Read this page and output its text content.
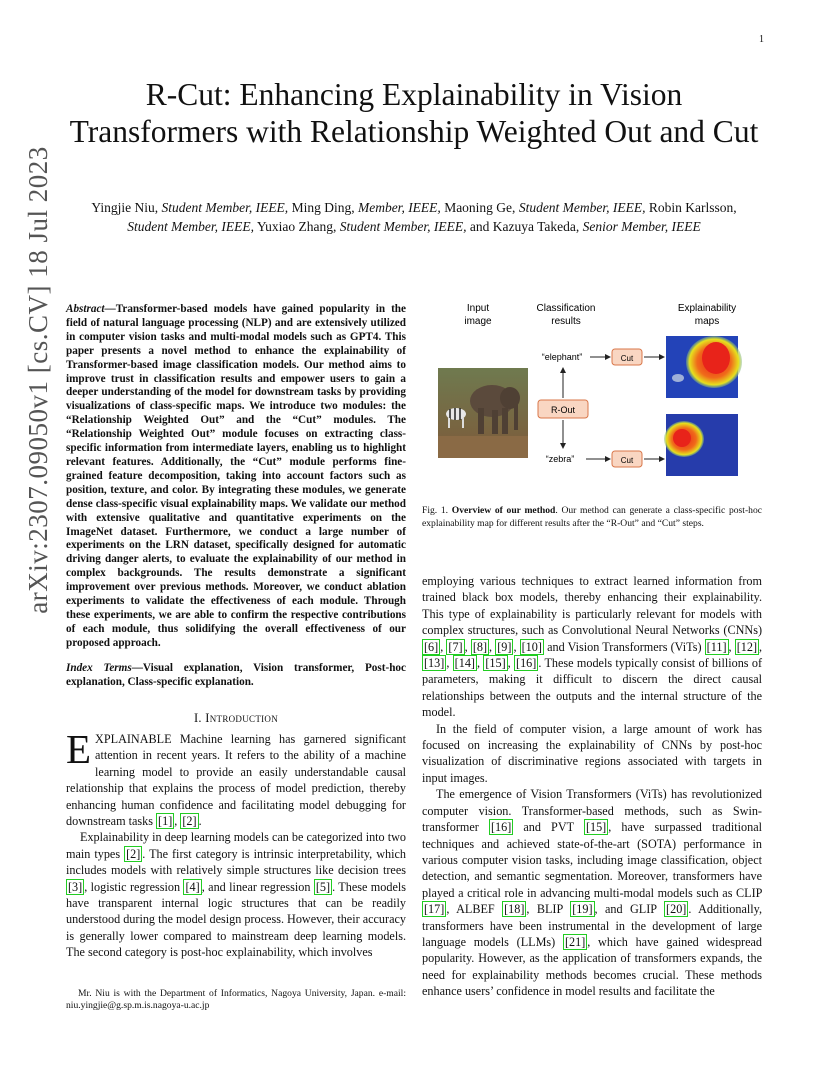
1
arXiv:2307.09050v1 [cs.CV] 18 Jul 2023
R-Cut: Enhancing Explainability in Vision Transformers with Relationship Weighted Out and Cut
Yingjie Niu, Student Member, IEEE, Ming Ding, Member, IEEE, Maoning Ge, Student Member, IEEE, Robin Karlsson, Student Member, IEEE, Yuxiao Zhang, Student Member, IEEE, and Kazuya Takeda, Senior Member, IEEE
Abstract—Transformer-based models have gained popularity in the field of natural language processing (NLP) and are extensively utilized in computer vision tasks and multi-modal models such as GPT4. This paper presents a novel method to enhance the explainability of Transformer-based image classification models. Our method aims to improve trust in classification results and empower users to gain a deeper understanding of the model for downstream tasks by providing visualizations of class-specific maps. We introduce two modules: the “Relationship Weighted Out” and the “Cut” modules. The “Relationship Weighted Out” module focuses on extracting class-specific information from intermediate layers, enabling us to highlight relevant features. Additionally, the “Cut” module performs fine-grained feature decomposition, taking into account factors such as position, texture, and color. By integrating these modules, we generate dense class-specific visual explainability maps. We validate our method with extensive qualitative and quantitative experiments on the ImageNet dataset. Furthermore, we conduct a large number of experiments on the LRN dataset, specifically designed for automatic driving danger alerts, to evaluate the explainability of our method in complex backgrounds. The results demonstrate a significant improvement over previous methods. Moreover, we conduct ablation experiments to validate the effectiveness of each module. Through these experiments, we are able to confirm the respective contributions of each module, thus solidifying the overall effectiveness of our proposed approach.
Index Terms—Visual explanation, Vision transformer, Post-hoc explanation, Class-specific explanation.
I. Introduction

EXPLAINABLE Machine learning has garnered significant attention in recent years. It refers to the ability of a machine learning model to provide an easily understandable causal relationship that explains the process of model prediction, thereby enhancing human confidence and facilitating model debugging for downstream tasks [1] , [2] .

Explainability in deep learning models can be categorized into two main types [2] . The first category is intrinsic interpretability, which includes models with relatively simple structures like decision trees [3] , logistic regression [4] , and linear regression [5] . These models have transparent internal logic structures that can be readily understood during the model design process. However, their accuracy is generally lower compared to mainstream deep learning models. The second category is post-hoc explainability, which involves

Mr. Niu is with the Department of Informatics, Nagoya University, Japan. e-mail: niu.yingjie@g.sp.m.is.nagoya-u.ac.jp

Input
image
Classification
results
Explainability
maps
“elephant”
“zebra”
R-Out
Cut
Cut
Fig. 1. Overview of our method. Our method can generate a class-specific post-hoc explainability map for different results after the “R-Out” and “Cut” steps.

employing various techniques to extract learned information from trained black box models, thereby enhancing their explainability. This type of explainability is particularly relevant for models with complex structures, such as Convolutional Neural Networks (CNNs) [6] , [7] , [8] , [9] , [10] and Vision Transformers (ViTs) [11] , [12] , [13] , [14] , [15] , [16] . These models typically consist of billions of parameters, making it difficult to discern the direct causal relationships between the outputs and the internal structure of the model.

In the field of computer vision, a large amount of work has focused on increasing the explainability of CNNs by post-hoc visualization of discriminative regions associated with targets in input images.

The emergence of Vision Transformers (ViTs) has revolutionized computer vision. Transformer-based methods, such as Swin-transformer [16] and PVT [15] , have surpassed traditional techniques and achieved state-of-the-art (SOTA) performance in various computer vision tasks, including image classification, object detection, and semantic segmentation. Moreover, transformers have played a critical role in advancing multi-modal models such as CLIP [17] , ALBEF [18] , BLIP [19] , and GLIP [20] . Additionally, transformers have been instrumental in the development of large language models (LLMs) [21] , which have gained widespread popularity. However, as the application of transformers expands, the need for explainability methods becomes crucial. These methods enhance users’ confidence in model results and facilitate the
